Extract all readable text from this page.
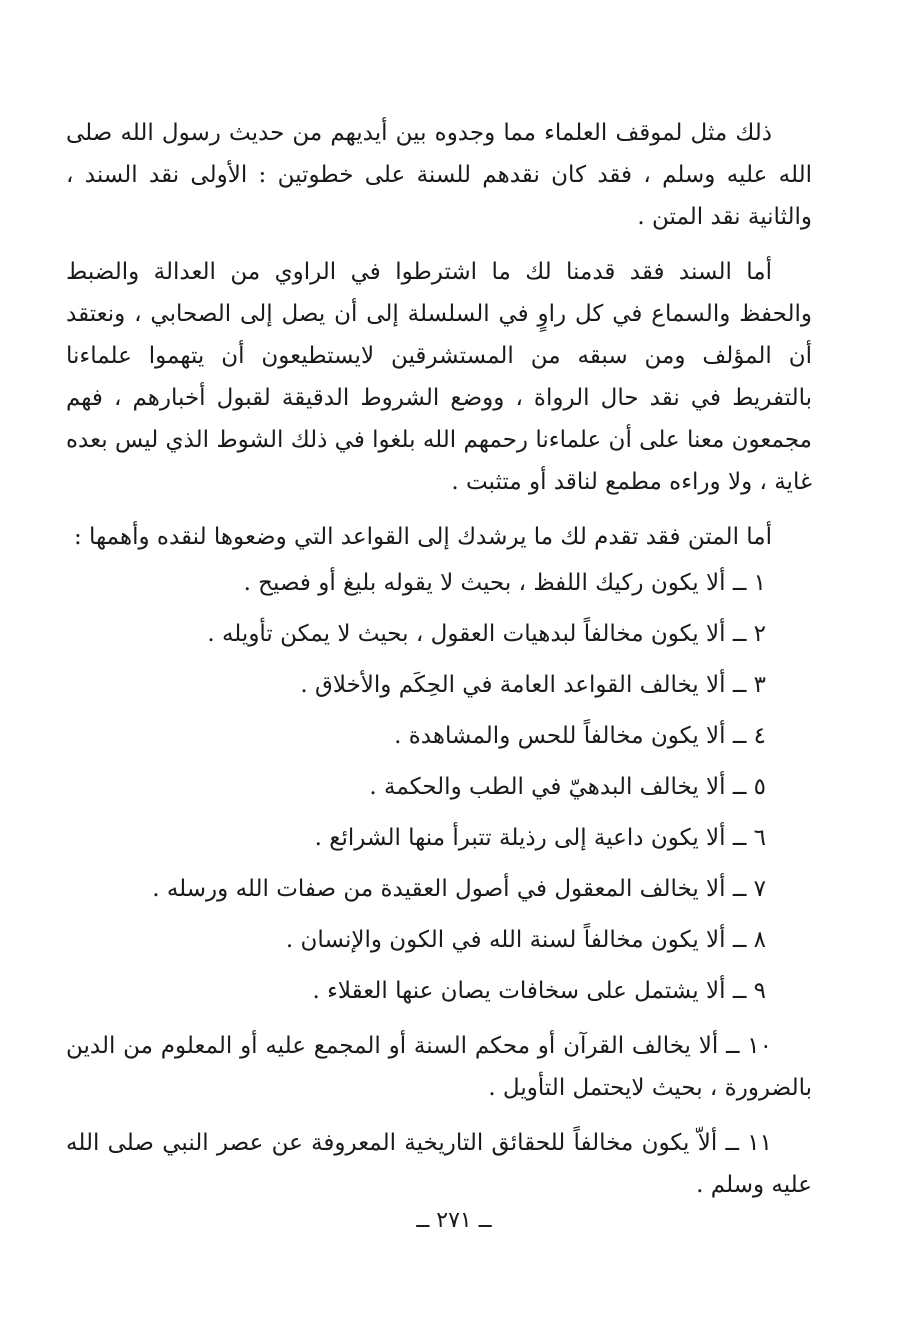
ذلك مثل لموقف العلماء مما وجدوه بين أيديهم من حديث رسول الله صلى الله عليه وسلم ، فقد كان نقدهم للسنة على خطوتين : الأولى نقد السند ، والثانية نقد المتن .

أما السند فقد قدمنا لك ما اشترطوا في الراوي من العدالة والضبط والحفظ والسماع في كل راوٍ في السلسلة إلى أن يصل إلى الصحابي ، ونعتقد أن المؤلف ومن سبقه من المستشرقين لايستطيعون أن يتهموا علماءنا بالتفريط في نقد حال الرواة ، ووضع الشروط الدقيقة لقبول أخبارهم ، فهم مجمعون معنا على أن علماءنا رحمهم الله بلغوا في ذلك الشوط الذي ليس بعده غاية ، ولا وراءه مطمع لناقد أو متثبت .

أما المتن فقد تقدم لك ما يرشدك إلى القواعد التي وضعوها لنقده وأهمها :

١ ــ ألا يكون ركيك اللفظ ، بحيث لا يقوله بليغ أو فصيح .
٢ ــ ألا يكون مخالفاً لبدهيات العقول ، بحيث لا يمكن تأويله .
٣ ــ ألا يخالف القواعد العامة في الحِكَم والأخلاق .
٤ ــ ألا يكون مخالفاً للحس والمشاهدة .
٥ ــ ألا يخالف البدهيّ في الطب والحكمة .
٦ ــ ألا يكون داعية إلى رذيلة تتبرأ منها الشرائع .
٧ ــ ألا يخالف المعقول في أصول العقيدة من صفات الله ورسله .
٨ ــ ألا يكون مخالفاً لسنة الله في الكون والإنسان .
٩ ــ ألا يشتمل على سخافات يصان عنها العقلاء .

١٠ ــ ألا يخالف القرآن أو محكم السنة أو المجمع عليه أو المعلوم من الدين بالضرورة ، بحيث لايحتمل التأويل .

١١ ــ ألاّ يكون مخالفاً للحقائق التاريخية المعروفة عن عصر النبي صلى الله عليه وسلم .

ــ ٢٧١ ــ
